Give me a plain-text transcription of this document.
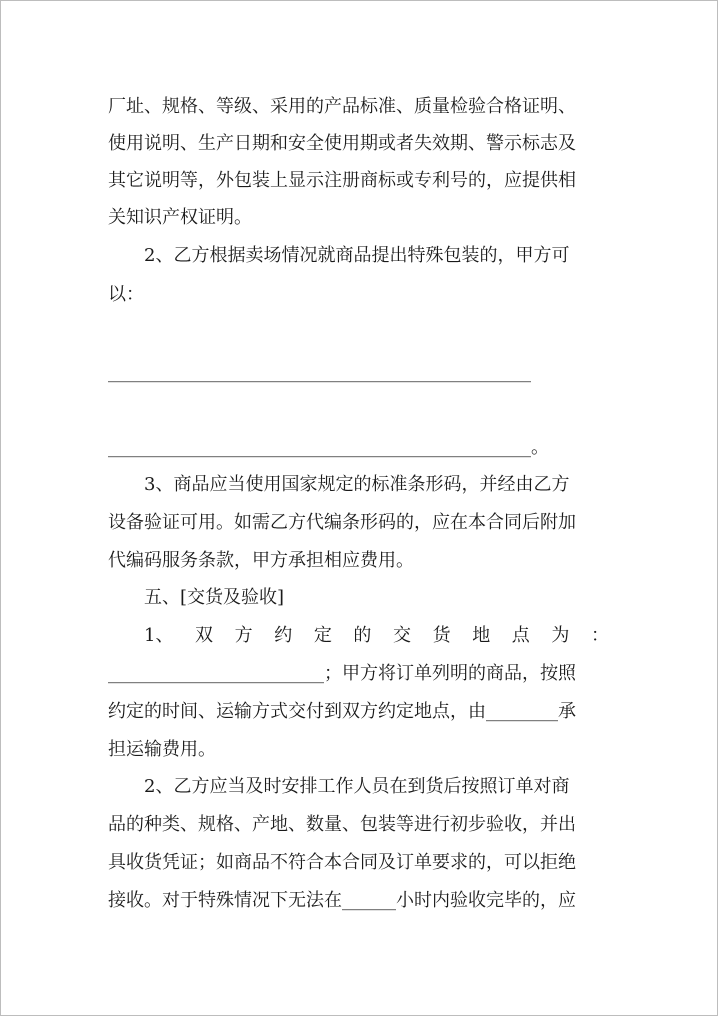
厂址、规格、等级、采用的产品标准、质量检验合格证明、
使用说明、生产日期和安全使用期或者失效期、警示标志及
其它说明等，外包装上显示注册商标或专利号的，应提供相
关知识产权证明。
2、乙方根据卖场情况就商品提出特殊包装的，甲方可
以：
_______________________________________________
_______________________________________________。
3、商品应当使用国家规定的标准条形码，并经由乙方
设备验证可用。如需乙方代编条形码的，应在本合同后附加
代编码服务条款，甲方承担相应费用。
五、[交货及验收]
1、 双 方 约 定 的 交 货 地 点 为 ：
________________________；甲方将订单列明的商品，按照
约定的时间、运输方式交付到双方约定地点，由________承
担运输费用。
2、乙方应当及时安排工作人员在到货后按照订单对商
品的种类、规格、产地、数量、包装等进行初步验收，并出
具收货凭证；如商品不符合本合同及订单要求的，可以拒绝
接收。对于特殊情况下无法在______小时内验收完毕的，应
